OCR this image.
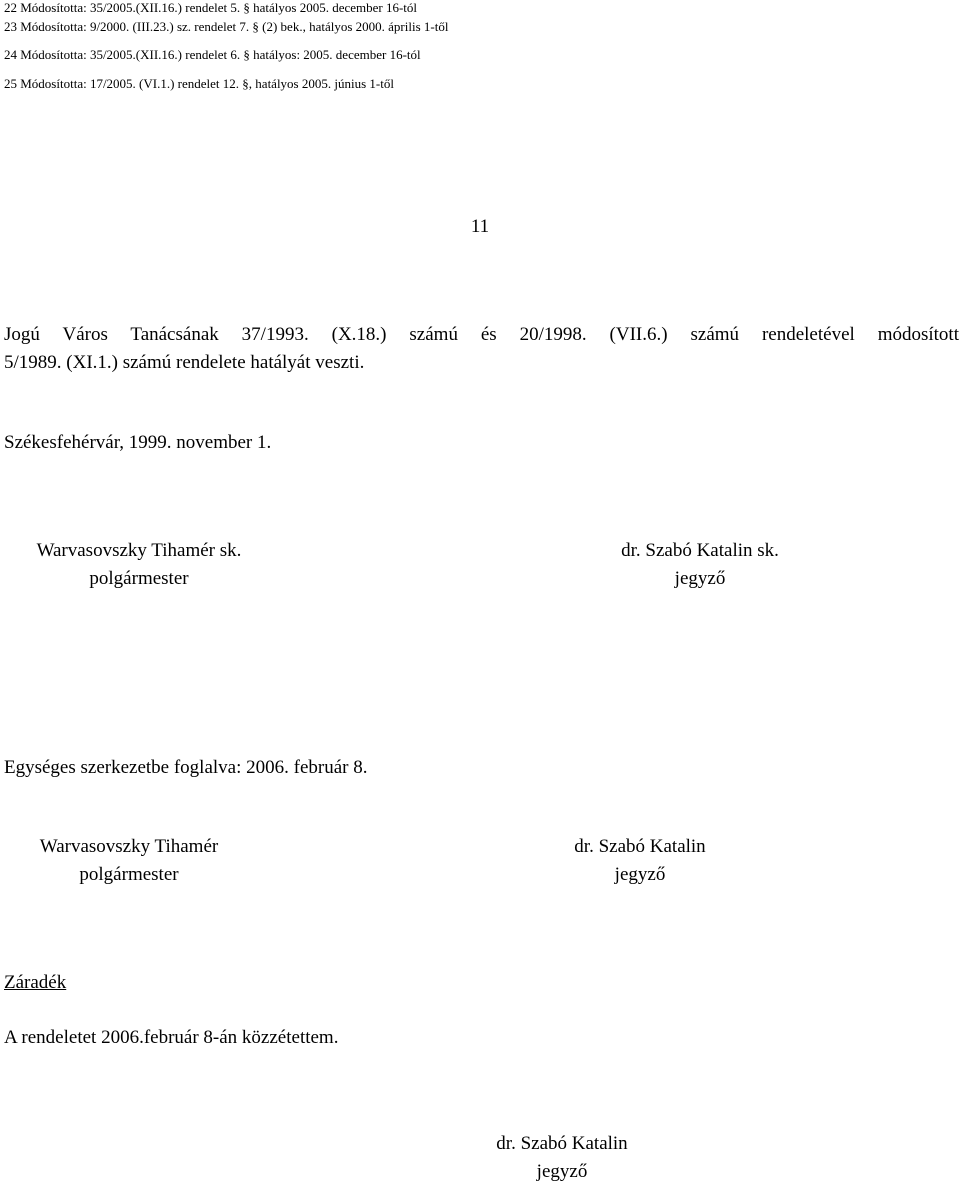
22 Módosította: 35/2005.(XII.16.) rendelet 5. § hatályos 2005. december 16-tól
23 Módosította: 9/2000. (III.23.) sz. rendelet 7. § (2) bek., hatályos 2000. április 1-től
24 Módosította: 35/2005.(XII.16.) rendelet 6. § hatályos: 2005. december 16-tól
25 Módosította: 17/2005. (VI.1.) rendelet 12. §, hatályos 2005. június 1-től
11
Jogú Város Tanácsának 37/1993. (X.18.) számú és 20/1998. (VII.6.) számú rendeletével módosított
5/1989. (XI.1.) számú rendelete hatályát veszti.
Székesfehérvár, 1999. november 1.
Warvasovszky Tihamér sk.
polgármester
dr. Szabó Katalin sk.
jegyző
Egységes szerkezetbe foglalva: 2006. február 8.
Warvasovszky Tihamér
polgármester
dr. Szabó Katalin
jegyző
Záradék
A rendeletet 2006.február 8-án közzétettem.
dr. Szabó Katalin
jegyző
